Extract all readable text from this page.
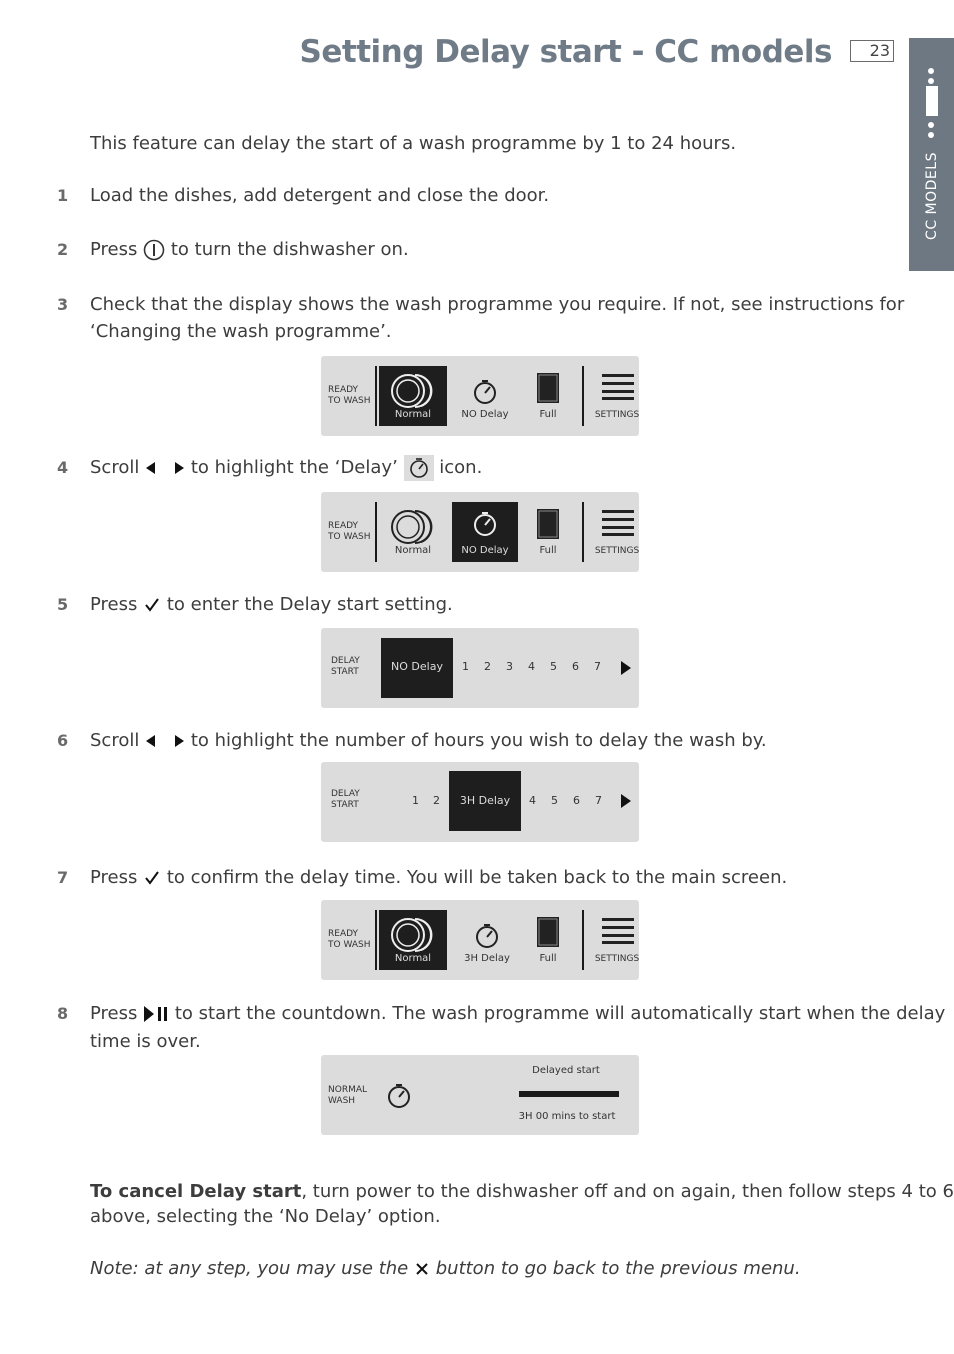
Setting Delay start - CC models	23
CC MODELS
This feature can delay the start of a wash programme by 1 to 24 hours.
1 Load the dishes, add detergent and close the door.
2 Press to turn the dishwasher on.
3 Check that the display shows the wash programme you require. If not, see instructions for
‘Changing the wash programme’.
READY
TO WASH
Normal	NO Delay	Full	SETTINGS
4 Scroll	to highlight the ‘Delay’ icon.
READY
TO WASH
Normal	NO Delay	Full	SETTINGS
5 Press to enter the Delay start setting.
DELAY
START	NO Delay	1 2 3 4 5 6 7
6 Scroll	to highlight the number of hours you wish to delay the wash by.
DELAY
START	1 2	3H Delay	4 5 6 7
7 Press to confirm the delay time. You will be taken back to the main screen.
READY
TO WASH
Normal	3H Delay	Full	SETTINGS
8 Press to start the countdown. The wash programme will automatically start when the delay
time is over.
NORMAL
WASH
Delayed start
3H 00 mins to start
To cancel Delay start, turn power to the dishwasher off and on again, then follow steps 4 to 6
above, selecting the ‘No Delay’ option.
Note: at any step, you may use the button to go back to the previous menu.
